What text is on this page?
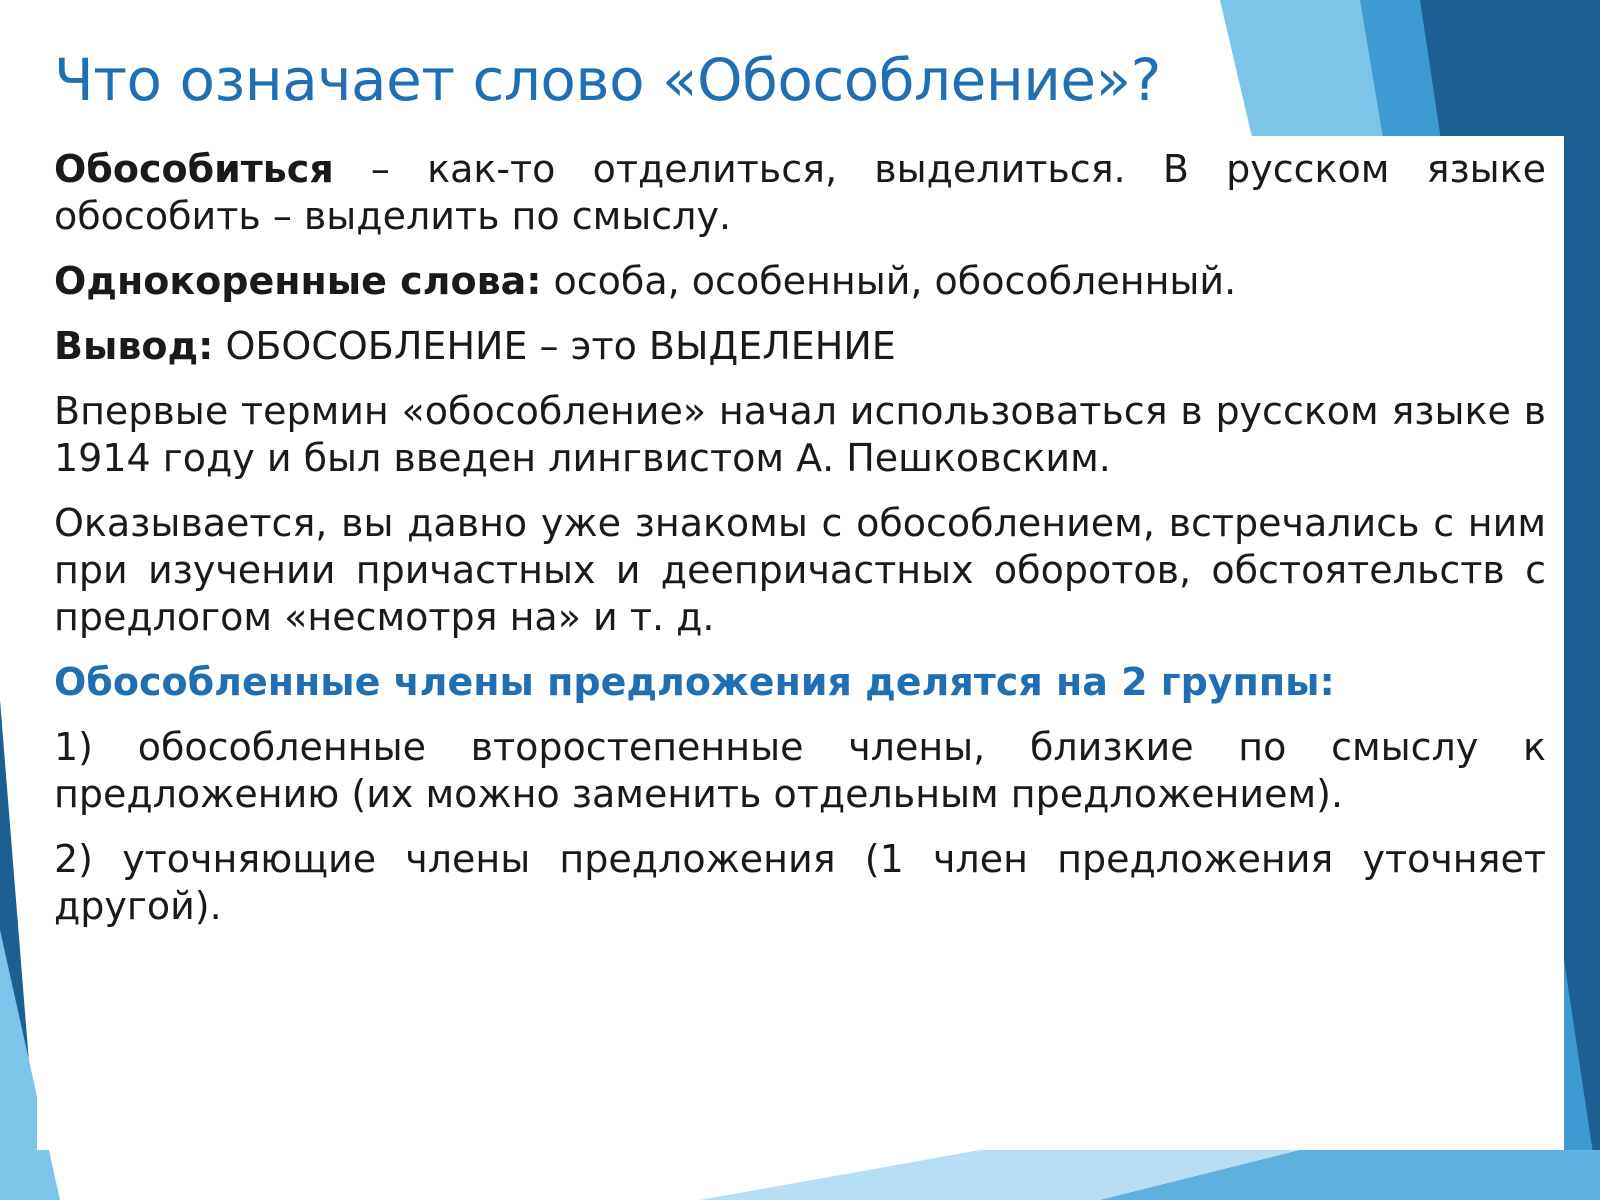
Что означает слово «Обособление»?

Обособиться – как-то отделиться, выделиться. В русском языке обособить – выделить по смыслу.

Однокоренные слова: особа, особенный, обособленный.

Вывод: ОБОСОБЛЕНИЕ – это ВЫДЕЛЕНИЕ

Впервые термин «обособление» начал использоваться в русском языке в 1914 году и был введен лингвистом А. Пешковским.

Оказывается, вы давно уже знакомы с обособлением, встречались с ним при изучении причастных и деепричастных оборотов, обстоятельств с предлогом «несмотря на» и т. д.

Обособленные члены предложения делятся на 2 группы:

1) обособленные второстепенные члены, близкие по смыслу к предложению (их можно заменить отдельным предложением).

2) уточняющие члены предложения (1 член предложения уточняет другой).
